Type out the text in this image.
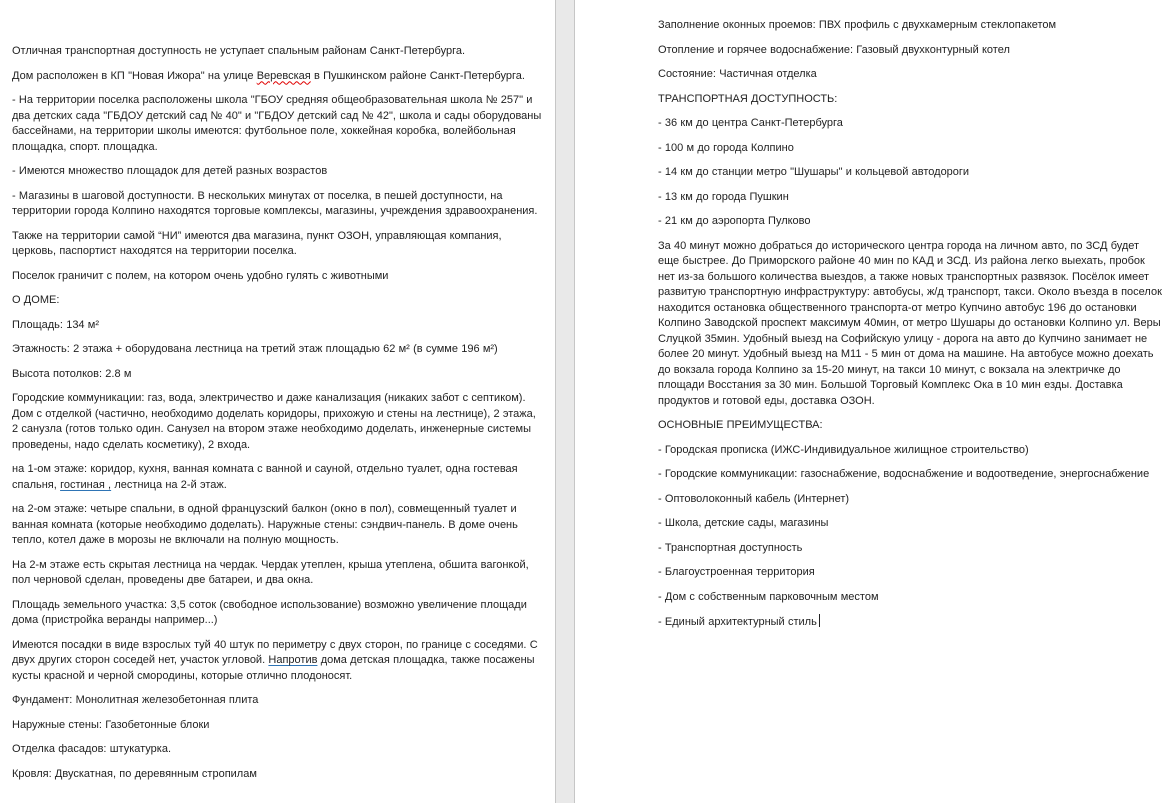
Отличная транспортная доступность не уступает спальным районам Санкт-Петербурга.

Дом расположен в КП "Новая Ижора" на улице Веревская в Пушкинском районе Санкт-Петербурга.

- На территории поселка расположены школа "ГБОУ средняя общеобразовательная школа № 257" и два детских сада "ГБДОУ детский сад № 40" и "ГБДОУ детский сад № 42", школа и сады оборудованы бассейнами, на территории школы имеются: футбольное поле, хоккейная коробка, волейбольная площадка, спорт. площадка.

- Имеются множество площадок для детей разных возрастов

- Магазины в шаговой доступности. В нескольких минутах от поселка, в пешей доступности, на территории города Колпино находятся торговые комплексы, магазины, учреждения здравоохранения.

Также на территории самой “НИ” имеются два магазина, пункт ОЗОН, управляющая компания, церковь, паспортист находятся на территории поселка.

Поселок граничит с полем, на котором очень удобно гулять с животными

О ДОМЕ:

Площадь: 134 м²

Этажность: 2 этажа + оборудована лестница на третий этаж площадью 62 м² (в сумме 196 м²)

Высота потолков: 2.8 м

Городские коммуникации: газ, вода, электричество и даже канализация (никаких забот с септиком). Дом с отделкой (частично, необходимо доделать коридоры, прихожую и стены на лестнице), 2 этажа, 2 санузла (готов только один. Санузел на втором этаже необходимо доделать, инженерные системы проведены, надо сделать косметику), 2 входа.

на 1-ом этаже: коридор, кухня, ванная комната с ванной и сауной, отдельно туалет, одна гостевая спальня, гостиная , лестница на 2-й этаж.

на 2-ом этаже: четыре спальни, в одной французский балкон (окно в пол), совмещенный туалет и ванная комната (которые необходимо доделать). Наружные стены: сэндвич-панель. В доме очень тепло, котел даже в морозы не включали на полную мощность.

На 2-м этаже есть скрытая лестница на чердак. Чердак утеплен, крыша утеплена, обшита вагонкой, пол черновой сделан, проведены две батареи, и два окна.

Площадь земельного участка: 3,5 соток (свободное использование) возможно увеличение площади дома (пристройка веранды например...)

Имеются посадки в виде взрослых туй 40 штук по периметру с двух сторон, по границе с соседями. С двух других сторон соседей нет, участок угловой. Напротив дома детская площадка, также посажены кусты красной и черной смородины, которые отлично плодоносят.

Фундамент: Монолитная железобетонная плита

Наружные стены: Газобетонные блоки

Отделка фасадов: штукатурка.

Кровля: Двускатная, по деревянным стропилам

Заполнение оконных проемов: ПВХ профиль с двухкамерным стеклопакетом

Отопление и горячее водоснабжение: Газовый двухконтурный котел

Состояние: Частичная отделка

ТРАНСПОРТНАЯ ДОСТУПНОСТЬ:

- 36 км до центра Санкт-Петербурга

- 100 м до города Колпино

- 14 км до станции метро "Шушары" и кольцевой автодороги

- 13 км до города Пушкин

- 21 км до аэропорта Пулково

За 40 минут можно добраться до исторического центра города на личном авто, по ЗСД будет еще быстрее. До Приморского районе 40 мин по КАД и ЗСД. Из района легко выехать, пробок нет из-за большого количества выездов, а также новых транспортных развязок. Посёлок имеет развитую транспортную инфраструктуру: автобусы, ж/д транспорт, такси. Около въезда в поселок находится остановка общественного транспорта-от метро Купчино автобус 196 до остановки Колпино Заводской проспект максимум 40мин, от метро Шушары до остановки Колпино ул. Веры Слуцкой 35мин. Удобный выезд на Софийскую улицу - дорога на авто до Купчино занимает не более 20 минут. Удобный выезд на М11 - 5 мин от дома на машине. На автобусе можно доехать до вокзала города Колпино за 15-20 минут, на такси 10 минут, с вокзала на электричке до площади Восстания за 30 мин. Большой Торговый Комплекс Ока в 10 мин езды. Доставка продуктов и готовой еды, доставка ОЗОН.

ОСНОВНЫЕ ПРЕИМУЩЕСТВА:

- Городская прописка (ИЖС-Индивидуальное жилищное строительство)

- Городские коммуникации: газоснабжение, водоснабжение и водоотведение, энергоснабжение

- Оптоволоконный кабель (Интернет)

- Школа, детские сады, магазины

- Транспортная доступность

- Благоустроенная территория

- Дом с собственным парковочным местом

- Единый архитектурный стиль
